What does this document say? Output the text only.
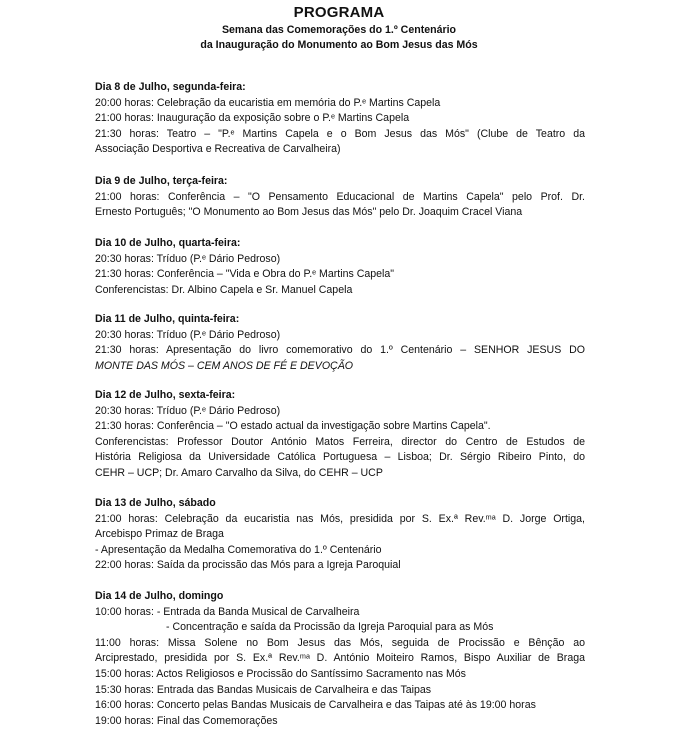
PROGRAMA
Semana das Comemorações do 1.º Centenário
da Inauguração do Monumento ao Bom Jesus das Mós
Dia 8 de Julho, segunda-feira:
20:00 horas: Celebração da eucaristia em memória do P.ᵉ Martins Capela
21:00 horas: Inauguração da exposição sobre o P.ᵉ Martins Capela
21:30 horas: Teatro – "P.ᵉ Martins Capela e o Bom Jesus das Mós" (Clube de Teatro da
Associação Desportiva e Recreativa de Carvalheira)
Dia 9 de Julho, terça-feira:
21:00 horas: Conferência – "O Pensamento Educacional de Martins Capela" pelo Prof. Dr.
Ernesto Português; "O Monumento ao Bom Jesus das Mós" pelo Dr. Joaquim Cracel Viana
Dia 10 de Julho, quarta-feira:
20:30 horas: Tríduo (P.ᵉ Dário Pedroso)
21:30 horas: Conferência – "Vida e Obra do P.ᵉ Martins Capela"
Conferencistas: Dr. Albino Capela e Sr. Manuel Capela
Dia 11 de Julho, quinta-feira:
20:30 horas: Tríduo (P.ᵉ Dário Pedroso)
21:30 horas: Apresentação do livro comemorativo do 1.º Centenário – SENHOR JESUS DO
MONTE DAS MÓS – CEM ANOS DE FÉ E DEVOÇÃO
Dia 12 de Julho, sexta-feira:
20:30 horas: Tríduo (P.ᵉ Dário Pedroso)
21:30 horas: Conferência – "O estado actual da investigação sobre Martins Capela".
Conferencistas: Professor Doutor António Matos Ferreira, director do Centro de Estudos de
História Religiosa da Universidade Católica Portuguesa – Lisboa; Dr. Sérgio Ribeiro Pinto, do
CEHR – UCP; Dr. Amaro Carvalho da Silva, do CEHR – UCP
Dia 13 de Julho, sábado
21:00 horas: Celebração da eucaristia nas Mós, presidida por S. Ex.ª Rev.ᵐᵃ D. Jorge Ortiga,
Arcebispo Primaz de Braga
- Apresentação da Medalha Comemorativa do 1.º Centenário
22:00 horas: Saída da procissão das Mós para a Igreja Paroquial
Dia 14 de Julho, domingo
10:00 horas: - Entrada da Banda Musical de Carvalheira
- Concentração e saída da Procissão da Igreja Paroquial para as Mós
11:00 horas: Missa Solene no Bom Jesus das Mós, seguida de Procissão e Bênção ao
Arciprestado, presidida por S. Ex.ª Rev.ᵐᵃ D. António Moiteiro Ramos, Bispo Auxiliar de Braga
15:00 horas: Actos Religiosos e Procissão do Santíssimo Sacramento nas Mós
15:30 horas: Entrada das Bandas Musicais de Carvalheira e das Taipas
16:00 horas: Concerto pelas Bandas Musicais de Carvalheira e das Taipas até às 19:00 horas
19:00 horas: Final das Comemorações
